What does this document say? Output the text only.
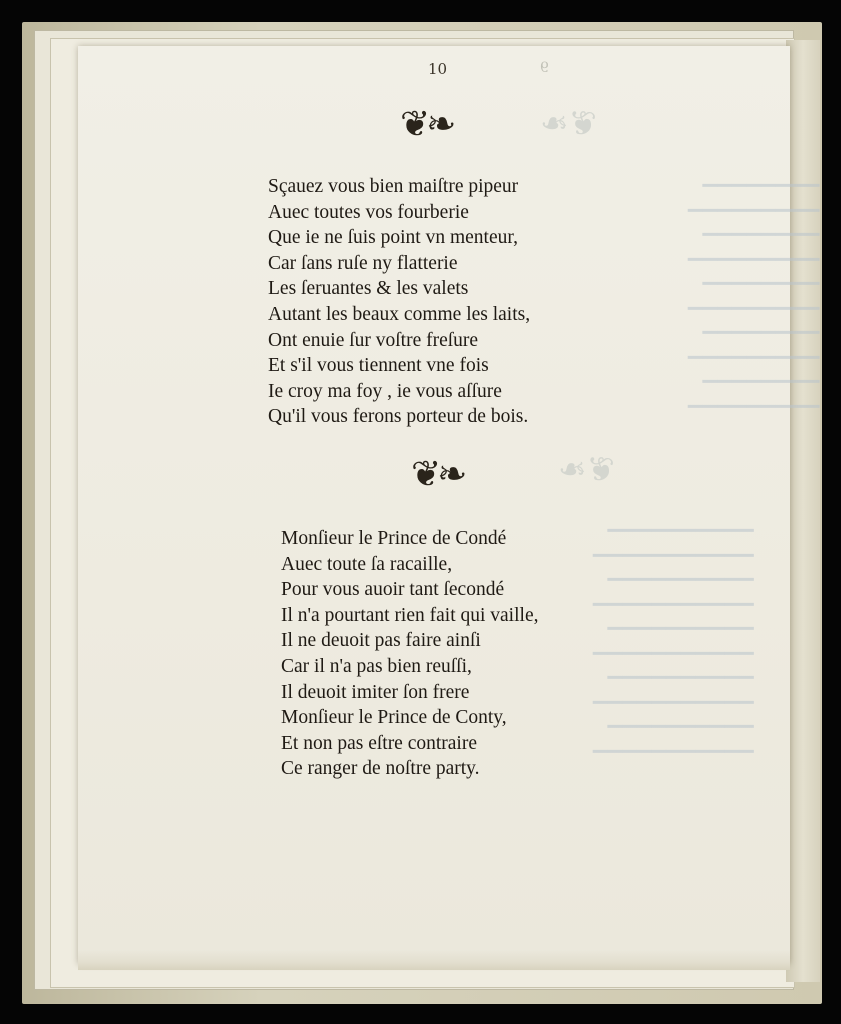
9
❦❧
❦❧
▁▁▁▁▁▁▁▁
▁▁▁▁▁▁▁▁▁
▁▁▁▁▁▁▁▁
▁▁▁▁▁▁▁▁▁
▁▁▁▁▁▁▁▁
▁▁▁▁▁▁▁▁▁
▁▁▁▁▁▁▁▁
▁▁▁▁▁▁▁▁▁
▁▁▁▁▁▁▁▁
▁▁▁▁▁▁▁▁▁
▁▁▁▁▁▁▁▁▁▁
▁▁▁▁▁▁▁▁▁▁▁
▁▁▁▁▁▁▁▁▁▁
▁▁▁▁▁▁▁▁▁▁▁
▁▁▁▁▁▁▁▁▁▁
▁▁▁▁▁▁▁▁▁▁▁
▁▁▁▁▁▁▁▁▁▁
▁▁▁▁▁▁▁▁▁▁▁
▁▁▁▁▁▁▁▁▁▁
▁▁▁▁▁▁▁▁▁▁▁
10
❦❧
Sçauez vous bien maiſtre pipeur
Auec toutes vos fourberie
Que ie ne ſuis point vn menteur,
Car ſans ruſe ny flatterie
Les ſeruantes & les valets
Autant les beaux comme les laits,
Ont enuie ſur voſtre freſure
Et s'il vous tiennent vne fois
Ie croy ma foy , ie vous aſſure
Qu'il vous ferons porteur de bois.
❦❧
Monſieur le Prince de Condé
Auec toute ſa racaille,
Pour vous auoir tant ſecondé
Il n'a pourtant rien fait qui vaille,
Il ne deuoit pas faire ainſi
Car il n'a pas bien reuſſi,
Il deuoit imiter ſon frere
Monſieur le Prince de Conty,
Et non pas eſtre contraire
Ce ranger de noſtre party.
